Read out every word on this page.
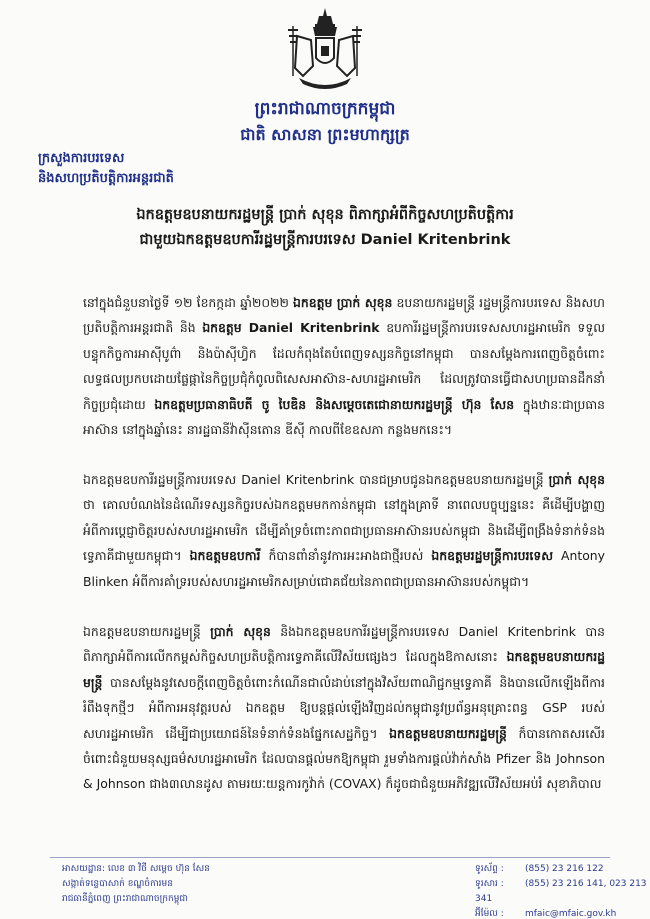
ព្រះរាជាណាចក្រកម្ពុជា
ជាតិ សាសនា ព្រះមហាក្សត្រ
ក្រសួងការបរទេស
និងសហប្រតិបត្តិការអន្តរជាតិ
ឯកឧត្តមឧបនាយករដ្ឋមន្ត្រី ប្រាក់ សុខុន ពិភាក្សាអំពីកិច្ចសហប្រតិបត្តិការ
ជាមួយឯកឧត្តមឧបការីរដ្ឋមន្ត្រីការបរទេស Daniel Kritenbrink

នៅក្នុងជំនួបនាថ្ងៃទី ១២ ខែកក្កដា ឆ្នាំ២០២២ ឯកឧត្តម ប្រាក់ សុខុន ឧបនាយករដ្ឋមន្ត្រី រដ្ឋមន្ត្រីការបរទេស និងសហប្រតិបត្តិការអន្តរជាតិ និង ឯកឧត្តម Daniel Kritenbrink ឧបការីរដ្ឋមន្ត្រីការបរទេសសហរដ្ឋអាមេរិក ទទួលបន្ទុកកិច្ចការអាស៊ីបូព៌ា និងប៉ាស៊ីហ្វិក ដែលកំពុងតែបំពេញទស្សនកិច្ចនៅកម្ពុជា បានសម្តែងការពេញចិត្តចំពោះលទ្ធផលប្រកបដោយផ្លែផ្កានៃកិច្ចប្រជុំកំពូលពិសេសអាស៊ាន-សហរដ្ឋអាមេរិក ដែលត្រូវបានធ្វើជាសហប្រធានដឹកនាំកិច្ចប្រជុំដោយ ឯកឧត្តមប្រធានាធិបតី ចូ បៃឌិន និងសម្តេចតេជោនាយករដ្ឋមន្ត្រី ហ៊ុន សែន ក្នុងឋានៈជាប្រធានអាស៊ាន នៅក្នុងឆ្នាំនេះ នារដ្ឋធានីវ៉ាស៊ីនតោន ឌីស៊ី កាលពីខែឧសភា កន្លងមកនេះ។

ឯកឧត្តមឧបការីរដ្ឋមន្ត្រីការបរទេស Daniel Kritenbrink បានជម្រាបជូនឯកឧត្តមឧបនាយករដ្ឋមន្ត្រី ប្រាក់ សុខុន ថា គោលបំណងនៃដំណើរទស្សនកិច្ចរបស់ឯកឧត្តមមកកាន់កម្ពុជា នៅក្នុងគ្រាទី នាពេលបច្ចុប្បន្ននេះ គឺដើម្បីបង្ហាញអំពីការប្តេជ្ញាចិត្តរបស់សហរដ្ឋអាមេរិក ដើម្បីគាំទ្រចំពោះភាពជាប្រធានអាស៊ានរបស់កម្ពុជា និងដើម្បីពង្រឹងទំនាក់ទំនងទ្វេភាគីជាមួយកម្ពុជា។ ឯកឧត្តមឧបការី ក៏បានពាំនាំនូវការអះអាងជាថ្មីរបស់ ឯកឧត្តមរដ្ឋមន្ត្រីការបរទេស Antony Blinken អំពីការគាំទ្ររបស់សហរដ្ឋអាមេរិកសម្រាប់ជោគជ័យនៃភាពជាប្រធានអាស៊ានរបស់កម្ពុជា។

ឯកឧត្តមឧបនាយករដ្ឋមន្ត្រី ប្រាក់ សុខុន និងឯកឧត្តមឧបការីរដ្ឋមន្ត្រីការបរទេស Daniel Kritenbrink បានពិភាក្សាអំពីការលើកកម្ពស់កិច្ចសហប្រតិបត្តិការទ្វេភាគីលើវិស័យផ្សេងៗ ដែលក្នុងឱកាសនោះ ឯកឧត្តមឧបនាយករដ្ឋមន្ត្រី បានសម្តែងនូវសេចក្តីពេញចិត្តចំពោះកំណើនជាលំដាប់នៅក្នុងវិស័យពាណិជ្ជកម្មទ្វេភាគី និងបានលើកឡើងពីការរំពឹងទុកថ្មីៗ អំពីការអនុវត្តរបស់ ឯកឧត្តម ឱ្យបន្តផ្តល់ឡើងវិញដល់កម្ពុជានូវប្រព័ន្ធអនុគ្រោះពន្ធ GSP របស់សហរដ្ឋអាមេរិក ដើម្បីជាប្រយោជន៍នៃទំនាក់ទំនងផ្នែកសេដ្ឋកិច្ច។ ឯកឧត្តមឧបនាយករដ្ឋមន្ត្រី ក៏បានកោតសរសើរចំពោះជំនួយមនុស្សធម៌សហរដ្ឋអាមេរិក ដែលបានផ្តល់មកឱ្យកម្ពុជា រួមទាំងការផ្តល់វ៉ាក់សាំង Pfizer និង Johnson & Johnson ជាង៣លានដូស តាមរយៈយន្តការកូវ៉ាក់ (COVAX) ក៏ដូចជាជំនួយអភិវឌ្ឍលើវិស័យអប់រំ សុខាភិបាល

អាសយដ្ឋាន: លេខ ៣ វិថី សម្តេច ហ៊ុន សែន
សង្កាត់ទន្លេបាសាក់ ខណ្ឌចំការមន
រាជធានីភ្នំពេញ ព្រះរាជាណាចក្រកម្ពុជា
ទូរស័ព្ទ : (855) 23 216 122
ទូរសារ : (855) 23 216 141, 023 213 341
អ៊ីម៉ែល : mfaic@mfaic.gov.kh
